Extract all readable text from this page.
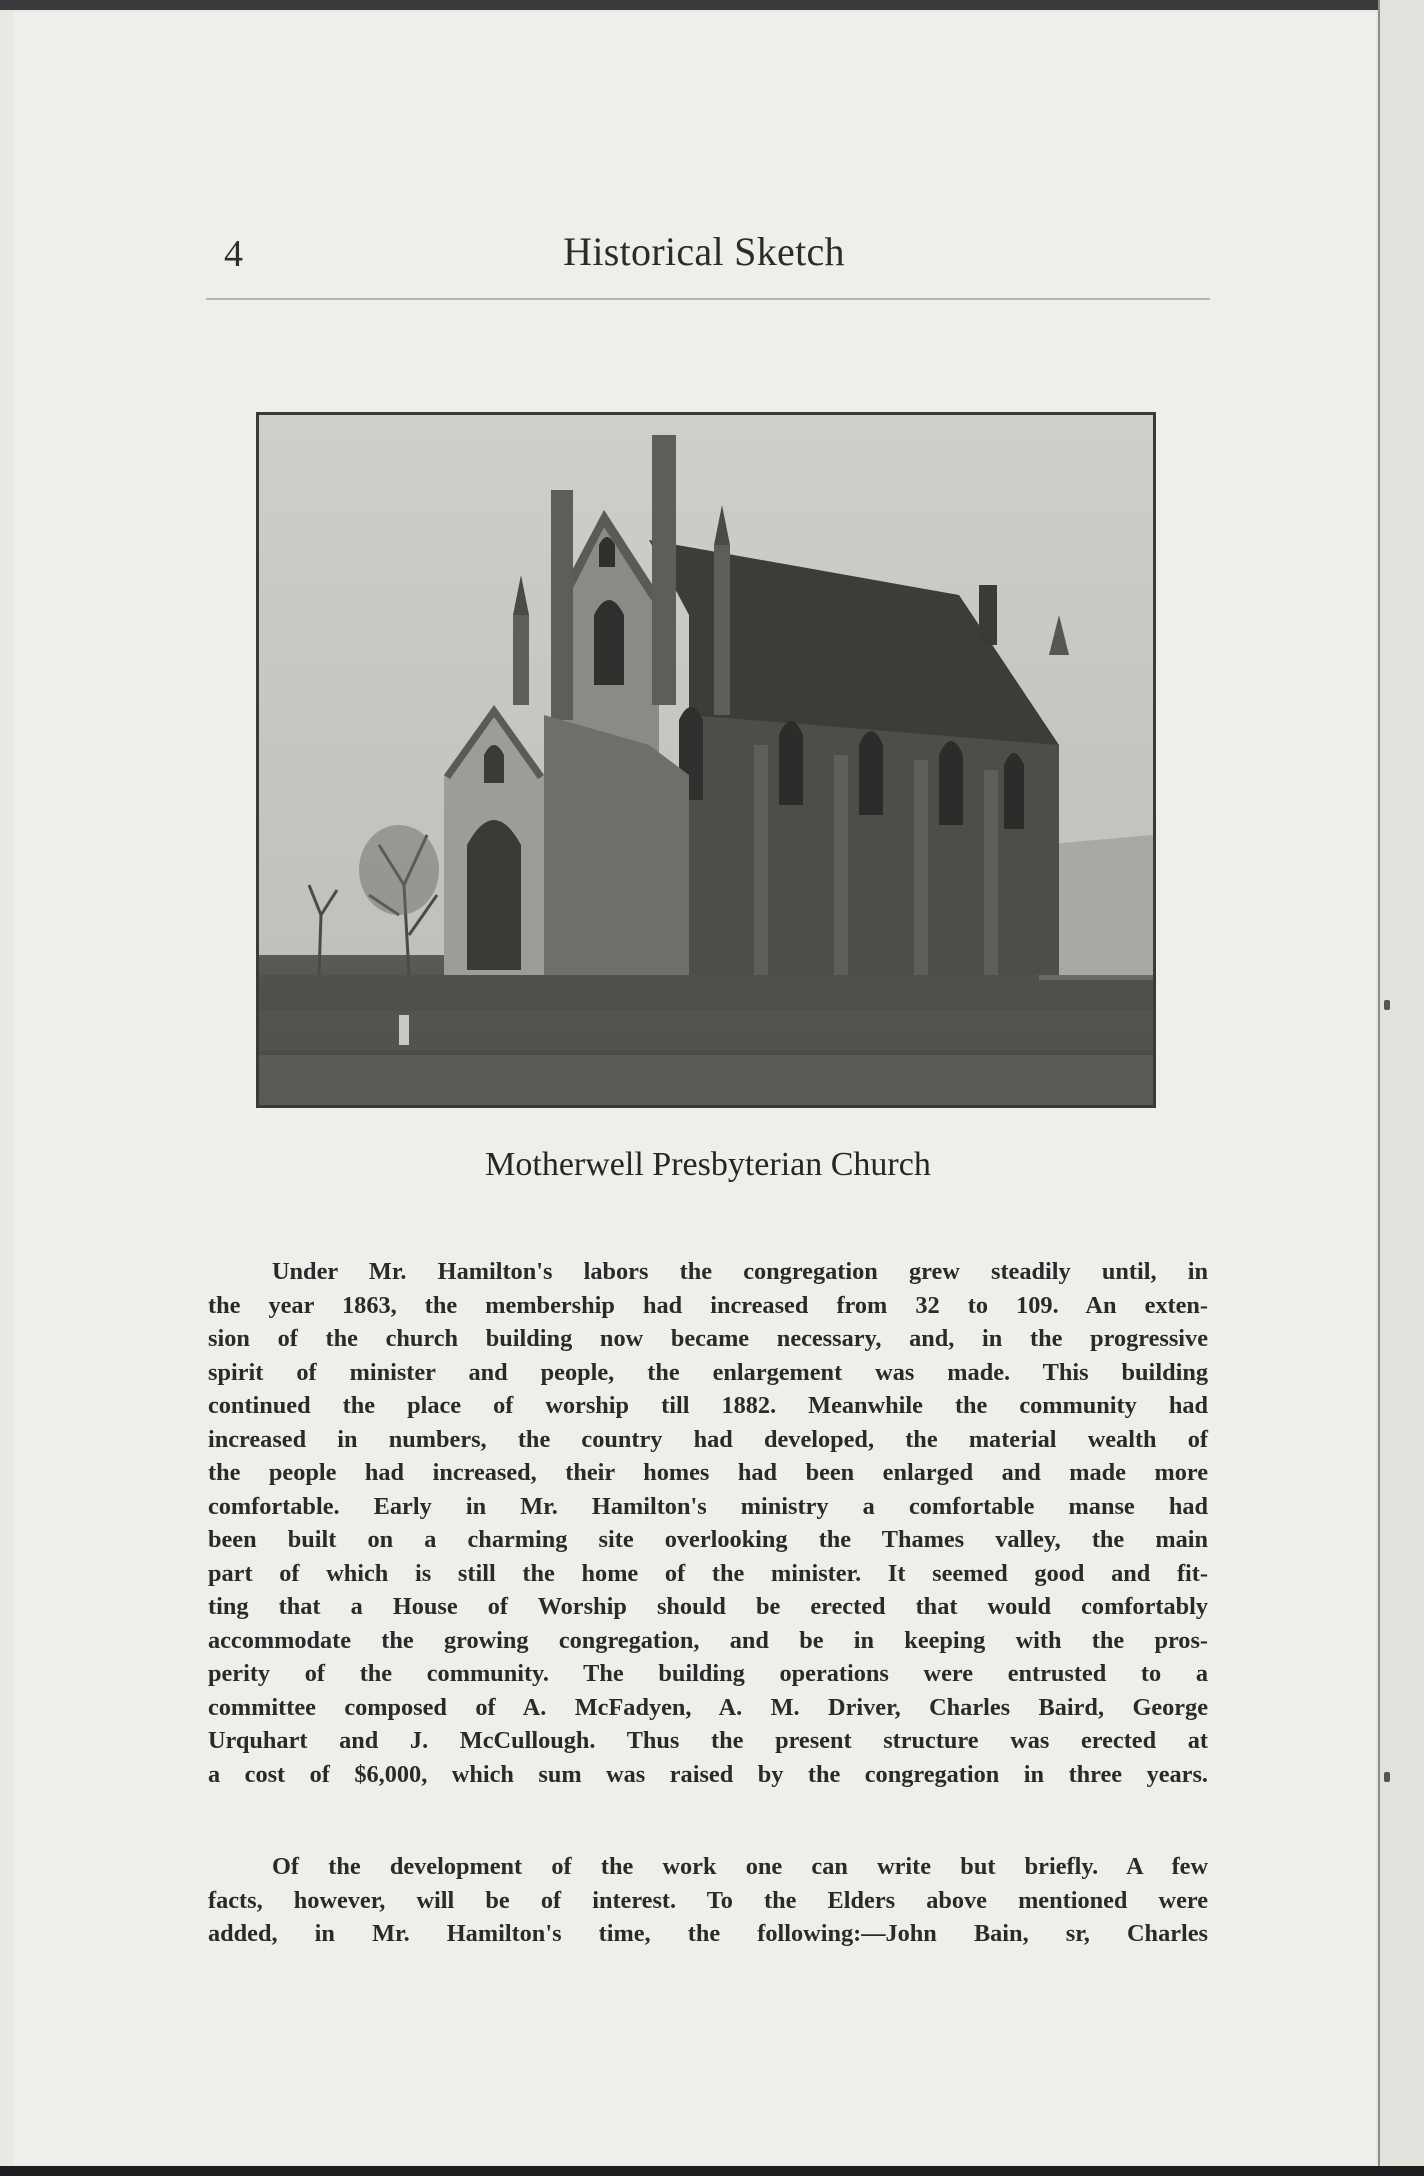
4	Historical Sketch
Motherwell Presbyterian Church
Under Mr. Hamilton's labors the congregation grew steadily until, in
the year 1863, the membership had increased from 32 to 109. An exten-
sion of the church building now became necessary, and, in the progressive
spirit of minister and people, the enlargement was made. This building
continued the place of worship till 1882. Meanwhile the community had
increased in numbers, the country had developed, the material wealth of
the people had increased, their homes had been enlarged and made more
comfortable. Early in Mr. Hamilton's ministry a comfortable manse had
been built on a charming site overlooking the Thames valley, the main
part of which is still the home of the minister. It seemed good and fit-
ting that a House of Worship should be erected that would comfortably
accommodate the growing congregation, and be in keeping with the pros-
perity of the community. The building operations were entrusted to a
committee composed of A. McFadyen, A. M. Driver, Charles Baird, George
Urquhart and J. McCullough. Thus the present structure was erected at
a cost of $6,000, which sum was raised by the congregation in three years.
Of the development of the work one can write but briefly. A few
facts, however, will be of interest. To the Elders above mentioned were
added, in Mr. Hamilton's time, the following:—John Bain, sr, Charles
